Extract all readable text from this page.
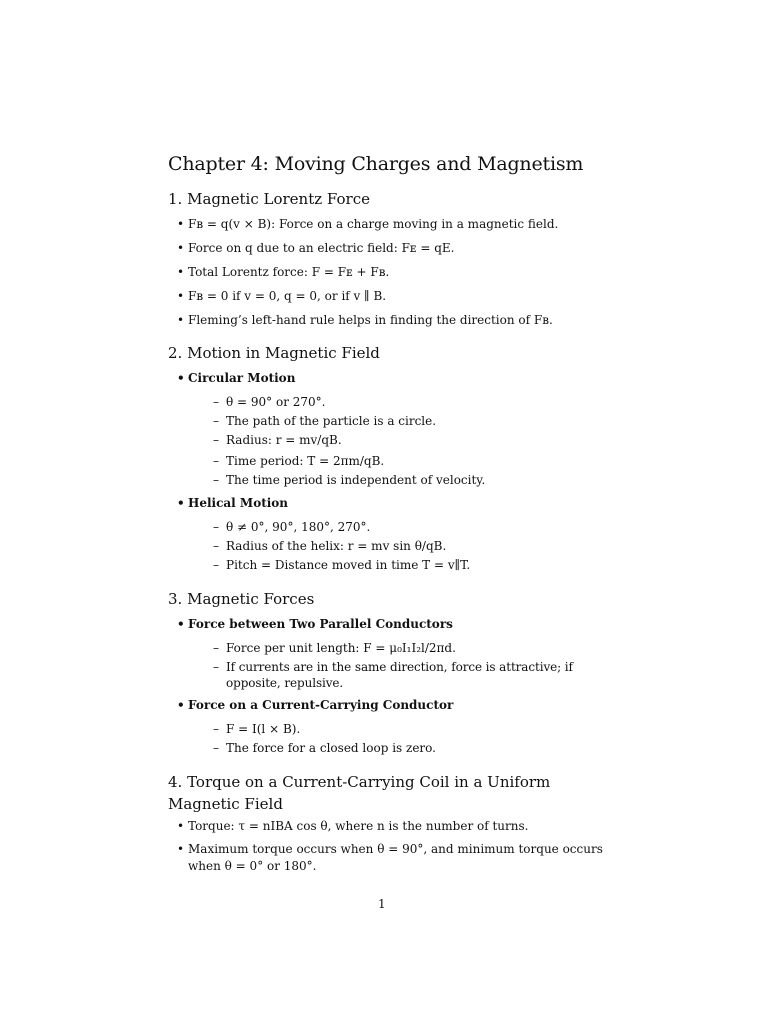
Chapter 4: Moving Charges and Magnetism
1. Magnetic Lorentz Force

• Fʙ = q(v × B): Force on a charge moving in a magnetic field.

• Force on q due to an electric field: Fᴇ = qE.

• Total Lorentz force: F = Fᴇ + Fʙ.

• Fʙ = 0 if v = 0, q = 0, or if v ∥ B.

• Fleming’s left-hand rule helps in finding the direction of Fʙ.

2. Motion in Magnetic Field

• Circular Motion

– θ = 90° or 270°.

– The path of the particle is a circle.

– Radius: r = mv/qB.

– Time period: T = 2πm/qB.

– The time period is independent of velocity.

• Helical Motion

– θ ≠ 0°, 90°, 180°, 270°.

– Radius of the helix: r = mv sin θ/qB.

– Pitch = Distance moved in time T = v∥T.

3. Magnetic Forces

• Force between Two Parallel Conductors

– Force per unit length: F = μ₀I₁I₂l/2πd.

– If currents are in the same direction, force is attractive; if opposite, repulsive.

• Force on a Current-Carrying Conductor

– F = I(l × B).

– The force for a closed loop is zero.

4. Torque on a Current-Carrying Coil in a Uniform Magnetic Field

• Torque: τ = nIBA cos θ, where n is the number of turns.

• Maximum torque occurs when θ = 90°, and minimum torque occurs when θ = 0° or 180°.

1
